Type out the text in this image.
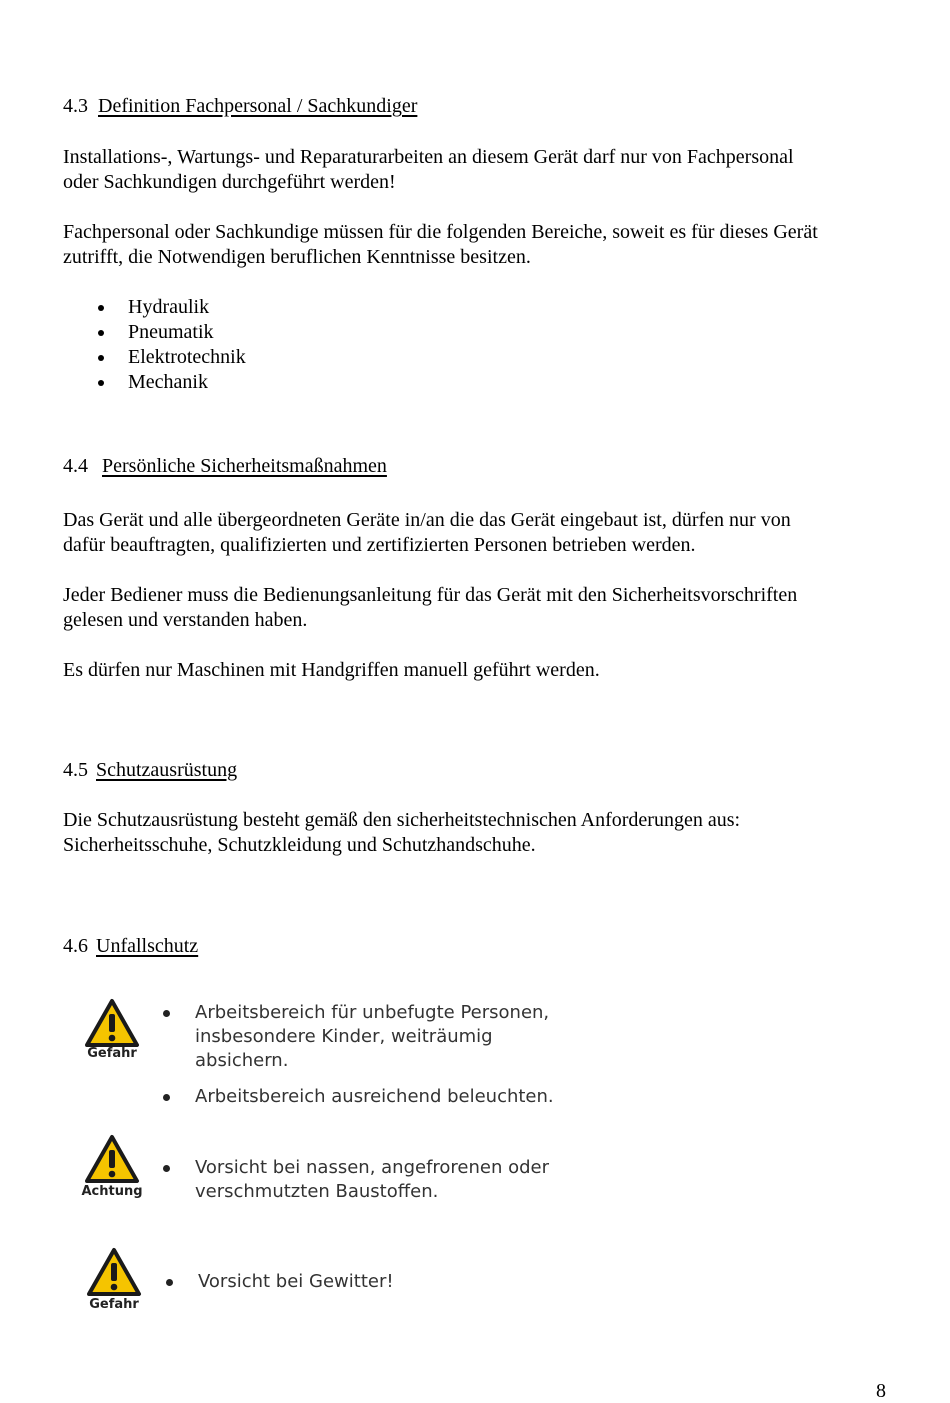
4.3 Definition Fachpersonal / Sachkundiger
Installations-, Wartungs- und Reparaturarbeiten an diesem Gerät darf nur von Fachpersonal
oder Sachkundigen durchgeführt werden!
Fachpersonal oder Sachkundige müssen für die folgenden Bereiche, soweit es für dieses Gerät
zutrifft, die Notwendigen beruflichen Kenntnisse besitzen.
Hydraulik
Pneumatik
Elektrotechnik
Mechanik
4.4 Persönliche Sicherheitsmaßnahmen
Das Gerät und alle übergeordneten Geräte in/an die das Gerät eingebaut ist, dürfen nur von
dafür beauftragten, qualifizierten und zertifizierten Personen betrieben werden.
Jeder Bediener muss die Bedienungsanleitung für das Gerät mit den Sicherheitsvorschriften
gelesen und verstanden haben.
Es dürfen nur Maschinen mit Handgriffen manuell geführt werden.
4.5 Schutzausrüstung
Die Schutzausrüstung besteht gemäß den sicherheitstechnischen Anforderungen aus:
Sicherheitsschuhe, Schutzkleidung und Schutzhandschuhe.
4.6 Unfallschutz
Gefahr
Arbeitsbereich für unbefugte Personen,
insbesondere Kinder, weiträumig
absichern.
Arbeitsbereich ausreichend beleuchten.
Achtung
Vorsicht bei nassen, angefrorenen oder
verschmutzten Baustoffen.
Gefahr
Vorsicht bei Gewitter!
8
